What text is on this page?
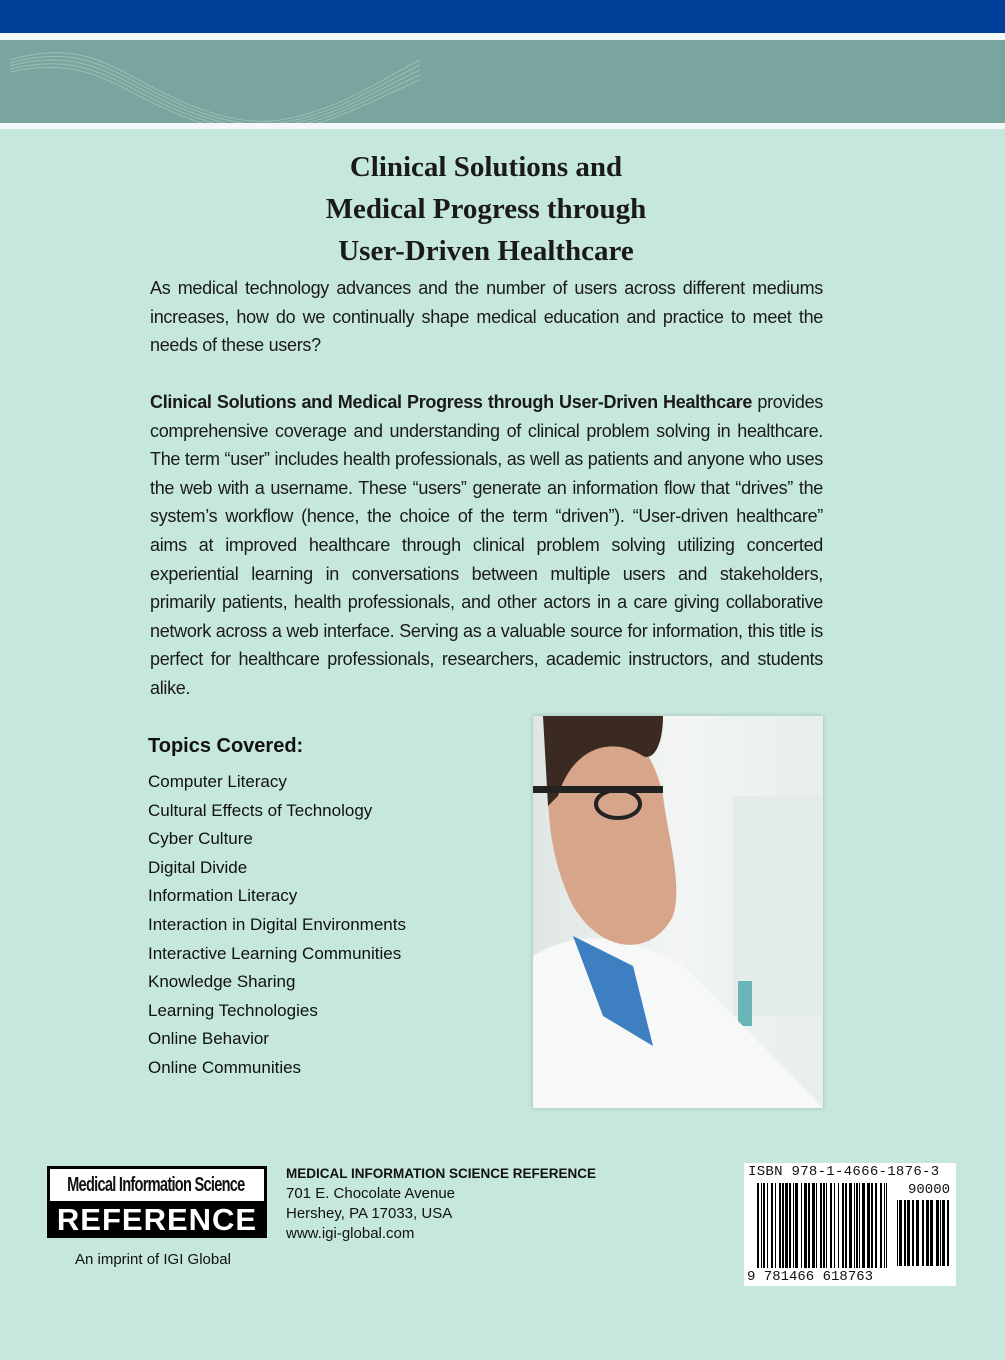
Clinical Solutions and
Medical Progress through
User-Driven Healthcare

As medical technology advances and the number of users across different mediums increases, how do we continually shape medical education and practice to meet the needs of these users?

Clinical Solutions and Medical Progress through User-Driven Healthcare provides comprehensive coverage and understanding of clinical problem solving in healthcare. The term “user” includes health professionals, as well as patients and anyone who uses the web with a username. These “users” generate an information flow that “drives” the system’s workflow (hence, the choice of the term “driven”). “User-driven healthcare” aims at improved healthcare through clinical problem solving utilizing concerted experiential learning in conversations between multiple users and stakeholders, primarily patients, health professionals, and other actors in a care giving collaborative network across a web interface. Serving as a valuable source for information, this title is perfect for healthcare professionals, researchers, academic instructors, and students alike.

Topics Covered:
Computer Literacy
Cultural Effects of Technology
Cyber Culture
Digital Divide
Information Literacy
Interaction in Digital Environments
Interactive Learning Communities
Knowledge Sharing
Learning Technologies
Online Behavior
Online Communities
Medical Information Science
REFERENCE
An imprint of IGI Global
MEDICAL INFORMATION SCIENCE REFERENCE
701 E. Chocolate Avenue
Hershey, PA 17033, USA
www.igi-global.com
ISBN 978-1-4666-1876-3
90000
9 781466 618763
